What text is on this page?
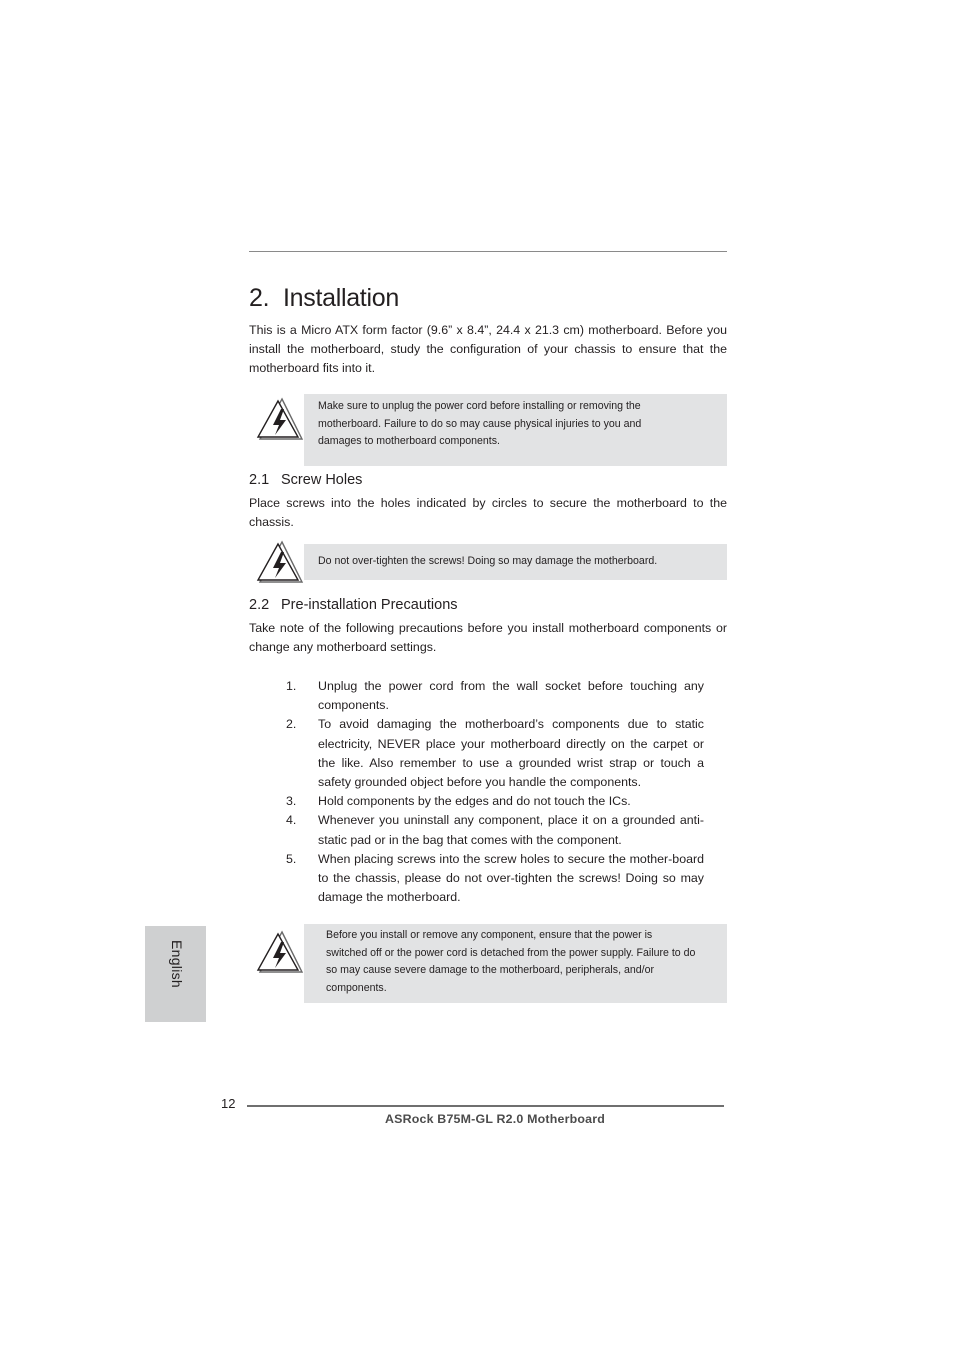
2. Installation
This is a Micro ATX form factor (9.6” x 8.4”, 24.4 x 21.3 cm) motherboard. Before you install the motherboard, study the configuration of your chassis to ensure that the motherboard fits into it.
Make sure to unplug the power cord before installing or removing the
motherboard. Failure to do so may cause physical injuries to you and
damages to motherboard components.
2.1 Screw Holes
Place screws into the holes indicated by circles to secure the motherboard to the chassis.
Do not over-tighten the screws! Doing so may damage the motherboard.
2.2 Pre-installation Precautions
Take note of the following precautions before you install motherboard components or change any motherboard settings.
1. Unplug the power cord from the wall socket before touching any components.
2. To avoid damaging the motherboard’s components due to static electricity, NEVER place your motherboard directly on the carpet or the like. Also remember to use a grounded wrist strap or touch a safety grounded object before you handle the components.
3. Hold components by the edges and do not touch the ICs.
4. Whenever you uninstall any component, place it on a grounded anti-static pad or in the bag that comes with the component.
5. When placing screws into the screw holes to secure the mother-board to the chassis, please do not over-tighten the screws! Doing so may damage the motherboard.
Before you install or remove any component, ensure that the power is
switched off or the power cord is detached from the power supply. Failure to do
so may cause severe damage to the motherboard, peripherals, and/or
components.
English
12
ASRock B75M-GL R2.0 Motherboard
